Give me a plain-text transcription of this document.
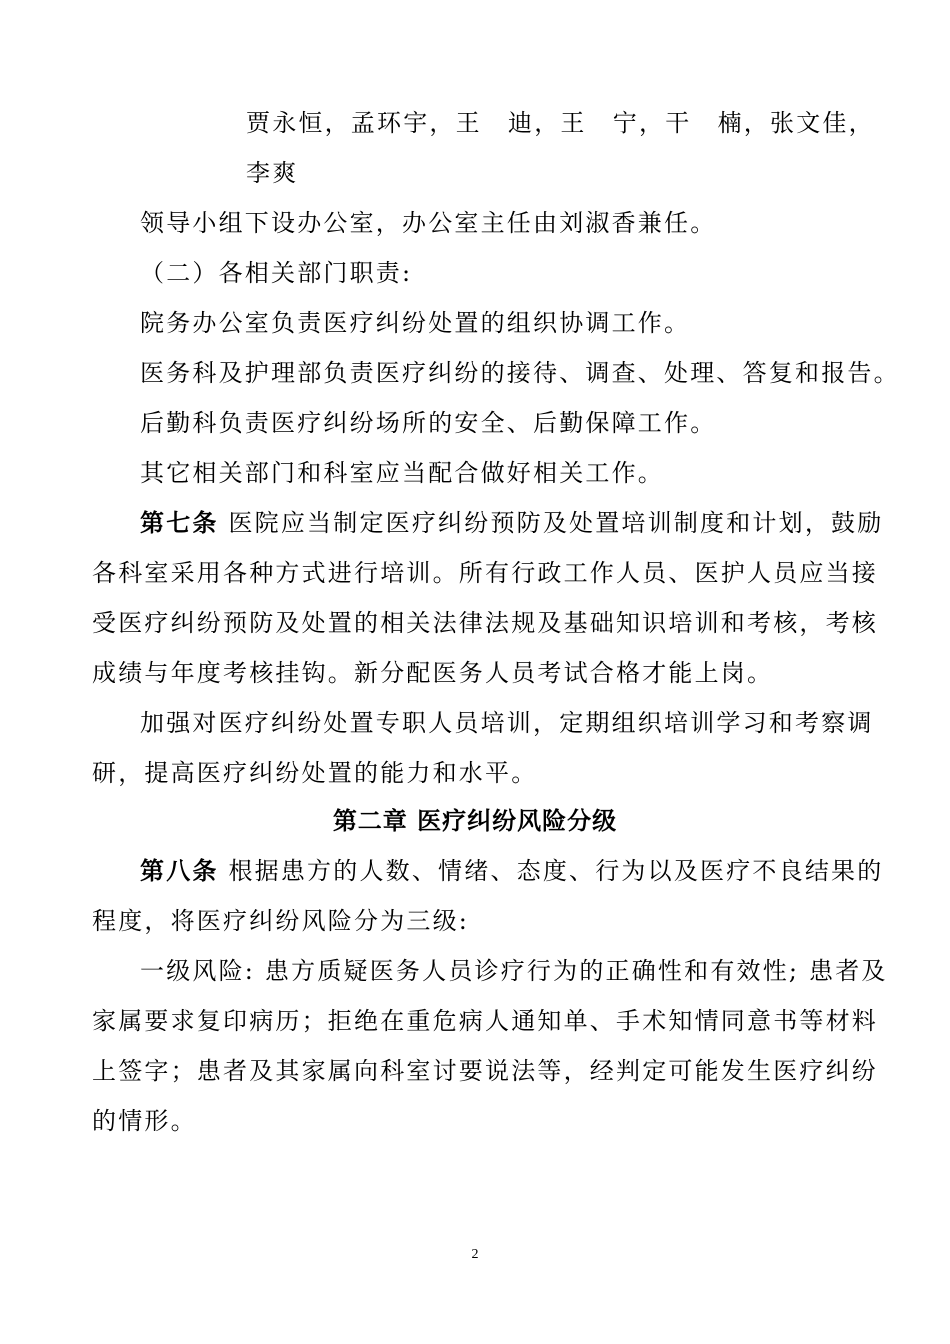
贾永恒，孟环宇，王　迪，王　宁，干　楠，张文佳，
李爽
领导小组下设办公室，办公室主任由刘淑香兼任。
（二）各相关部门职责:
院务办公室负责医疗纠纷处置的组织协调工作。
医务科及护理部负责医疗纠纷的接待、调查、处理、答复和报告。
后勤科负责医疗纠纷场所的安全、后勤保障工作。
其它相关部门和科室应当配合做好相关工作。
第七条 医院应当制定医疗纠纷预防及处置培训制度和计划，鼓励
各科室采用各种方式进行培训。所有行政工作人员、医护人员应当接
受医疗纠纷预防及处置的相关法律法规及基础知识培训和考核，考核
成绩与年度考核挂钩。新分配医务人员考试合格才能上岗。
加强对医疗纠纷处置专职人员培训，定期组织培训学习和考察调
研，提高医疗纠纷处置的能力和水平。
第二章 医疗纠纷风险分级
第八条 根据患方的人数、情绪、态度、行为以及医疗不良结果的
程度，将医疗纠纷风险分为三级:
一级风险: 患方质疑医务人员诊疗行为的正确性和有效性; 患者及
家属要求复印病历；拒绝在重危病人通知单、手术知情同意书等材料
上签字；患者及其家属向科室讨要说法等，经判定可能发生医疗纠纷
的情形。
2
